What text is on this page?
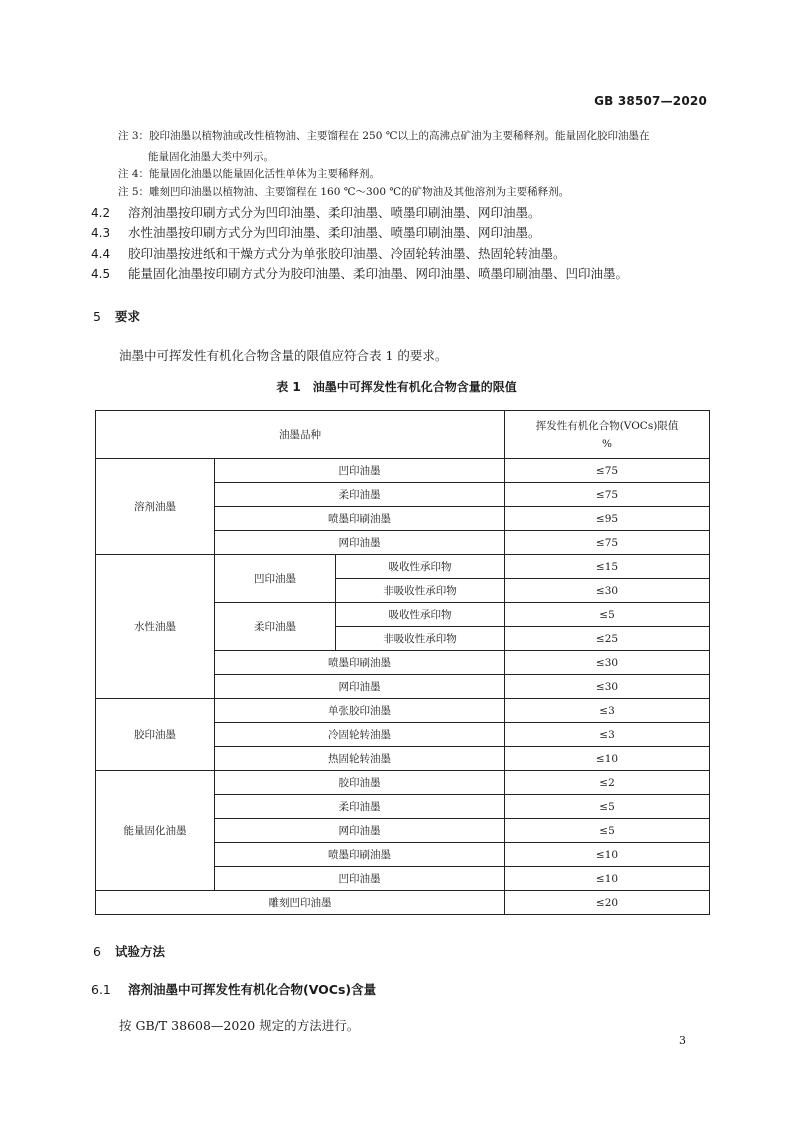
GB 38507—2020
注 3：胶印油墨以植物油或改性植物油、主要馏程在 250 ℃以上的高沸点矿油为主要稀释剂。能量固化胶印油墨在
能量固化油墨大类中列示。
注 4：能量固化油墨以能量固化活性单体为主要稀释剂。
注 5：雕刻凹印油墨以植物油、主要馏程在 160 ℃～300 ℃的矿物油及其他溶剂为主要稀释剂。
4.2 溶剂油墨按印刷方式分为凹印油墨、柔印油墨、喷墨印刷油墨、网印油墨。
4.3 水性油墨按印刷方式分为凹印油墨、柔印油墨、喷墨印刷油墨、网印油墨。
4.4 胶印油墨按进纸和干燥方式分为单张胶印油墨、冷固轮转油墨、热固轮转油墨。
4.5 能量固化油墨按印刷方式分为胶印油墨、柔印油墨、网印油墨、喷墨印刷油墨、凹印油墨。
5 要求
油墨中可挥发性有机化合物含量的限值应符合表 1 的要求。
表 1　油墨中可挥发性有机化合物含量的限值
油墨品种			挥发性有机化合物(VOCs)限值
%
溶剂油墨	凹印油墨		≤75
	柔印油墨		≤75
	喷墨印刷油墨		≤95
	网印油墨		≤75
水性油墨	凹印油墨	吸收性承印物	≤15
		非吸收性承印物	≤30
	柔印油墨	吸收性承印物	≤5
		非吸收性承印物	≤25
	喷墨印刷油墨		≤30
	网印油墨		≤30
胶印油墨	单张胶印油墨		≤3
	冷固轮转油墨		≤3
	热固轮转油墨		≤10
能量固化油墨	胶印油墨		≤2
	柔印油墨		≤5
	网印油墨		≤5
	喷墨印刷油墨		≤10
	凹印油墨		≤10
雕刻凹印油墨			≤20
6 试验方法
6.1 溶剂油墨中可挥发性有机化合物(VOCs)含量
按 GB/T 38608—2020 规定的方法进行。
3
